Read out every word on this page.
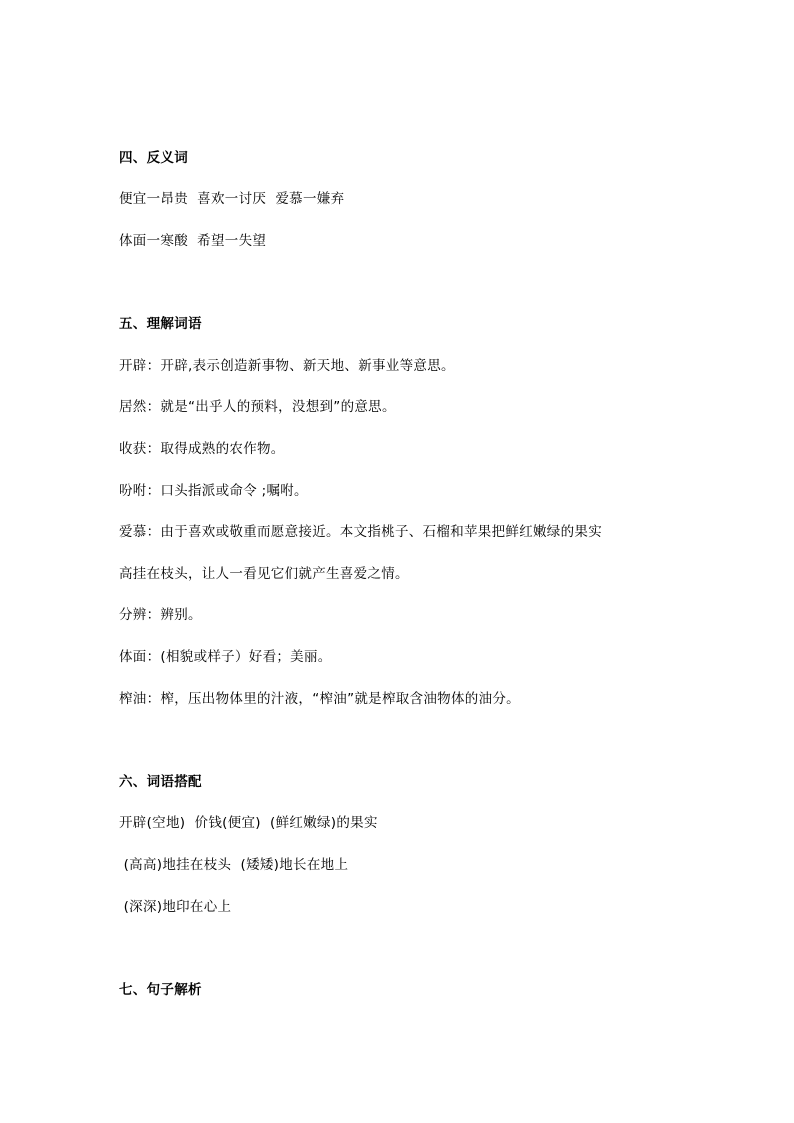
四、反义词
便宜一昂贵  喜欢一讨厌  爱慕一嫌弃
体面一寒酸  希望一失望
五、理解词语
开辟：开辟,表示创造新事物、新天地、新事业等意思。
居然：就是“出乎人的预料，没想到”的意思。
收获：取得成熟的农作物。
吩咐：口头指派或命令 ;嘱咐。
爱慕：由于喜欢或敬重而愿意接近。本文指桃子、石榴和苹果把鲜红嫩绿的果实
高挂在枝头，让人一看见它们就产生喜爱之情。
分辨：辨别。
体面：(相貌或样子）好看；美丽。
榨油：榨，压出物体里的汁液，“榨油”就是榨取含油物体的油分。
六、词语搭配
开辟(空地)  价钱(便宜)  (鲜红嫩绿)的果实
(高高)地挂在枝头  (矮矮)地长在地上
(深深)地印在心上
七、句子解析
